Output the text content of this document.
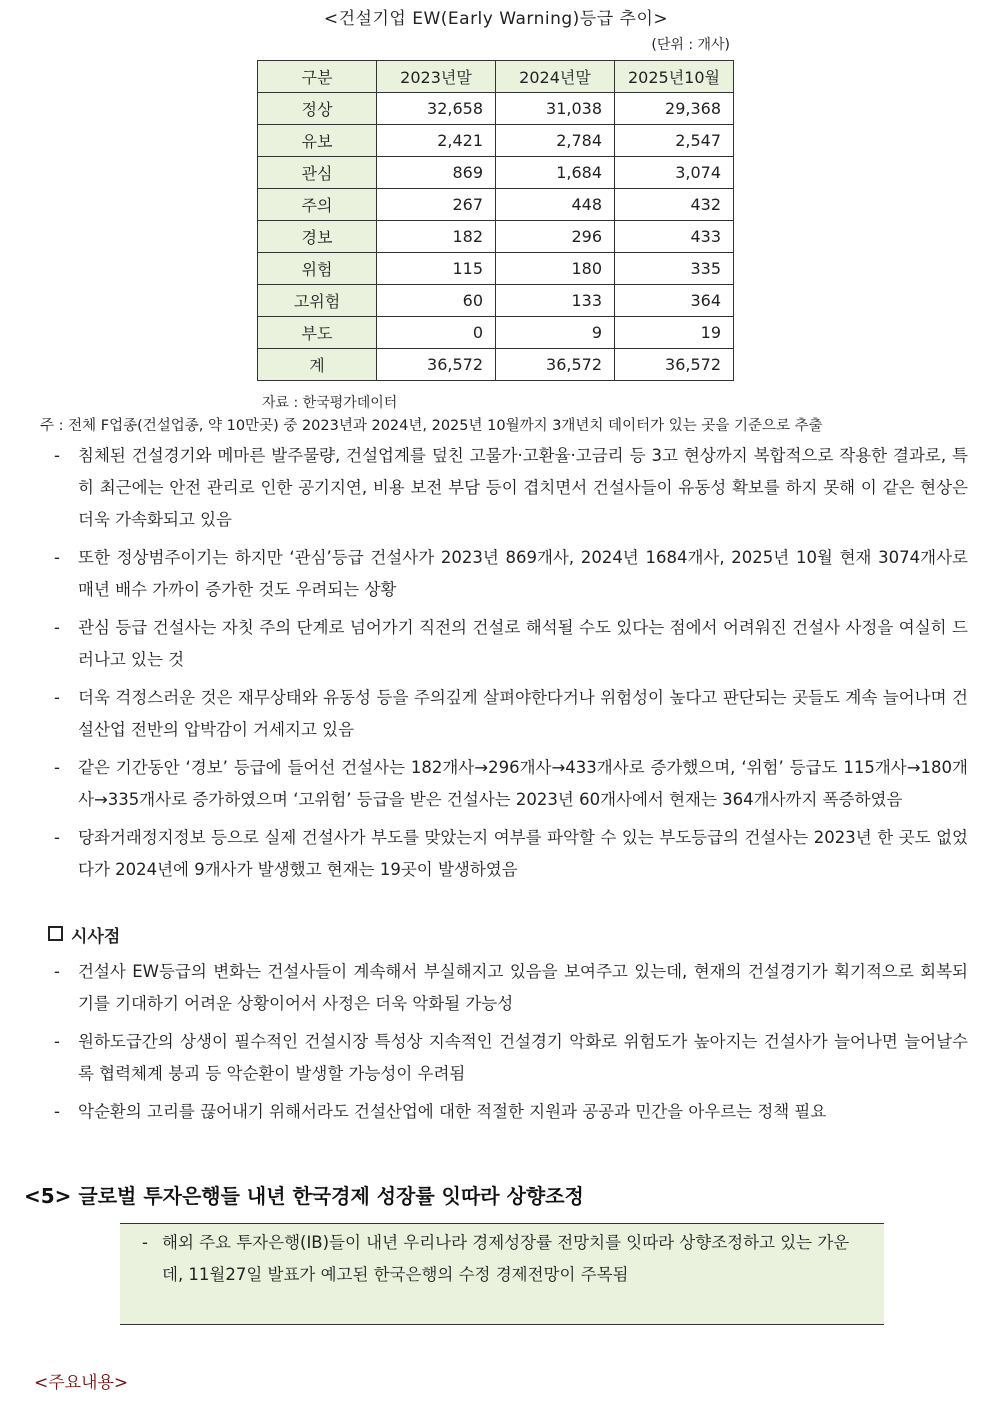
<건설기업 EW(Early Warning)등급 추이>
(단위 : 개사)
구분	2023년말	2024년말	2025년10월
정상	32,658	31,038	29,368
유보	2,421	2,784	2,547
관심	869	1,684	3,074
주의	267	448	432
경보	182	296	433
위험	115	180	335
고위험	60	133	364
부도	0	9	19
계	36,572	36,572	36,572
자료 : 한국평가데이터
주 : 전체 F업종(건설업종, 약 10만곳) 중 2023년과 2024년, 2025년 10월까지 3개년치 데이터가 있는 곳을 기준으로 추출
- 침체된 건설경기와 메마른 발주물량, 건설업계를 덮친 고물가·고환율·고금리 등 3고 현상까지 복합적으로 작용한 결과로, 특히 최근에는 안전 관리로 인한 공기지연, 비용 보전 부담 등이 겹치면서 건설사들이 유동성 확보를 하지 못해 이 같은 현상은 더욱 가속화되고 있음
- 또한 정상범주이기는 하지만 ‘관심’등급 건설사가 2023년 869개사, 2024년 1684개사, 2025년 10월 현재 3074개사로 매년 배수 가까이 증가한 것도 우려되는 상황
- 관심 등급 건설사는 자칫 주의 단계로 넘어가기 직전의 건설로 해석될 수도 있다는 점에서 어려워진 건설사 사정을 여실히 드러나고 있는 것
- 더욱 걱정스러운 것은 재무상태와 유동성 등을 주의깊게 살펴야한다거나 위험성이 높다고 판단되는 곳들도 계속 늘어나며 건설산업 전반의 압박감이 거세지고 있음
- 같은 기간동안 ‘경보’ 등급에 들어선 건설사는 182개사→296개사→433개사로 증가했으며, ‘위험’ 등급도 115개사→180개사→335개사로 증가하였으며 ‘고위험’ 등급을 받은 건설사는 2023년 60개사에서 현재는 364개사까지 폭증하였음
- 당좌거래정지정보 등으로 실제 건설사가 부도를 맞았는지 여부를 파악할 수 있는 부도등급의 건설사는 2023년 한 곳도 없었다가 2024년에 9개사가 발생했고 현재는 19곳이 발생하였음
시사점
- 건설사 EW등급의 변화는 건설사들이 계속해서 부실해지고 있음을 보여주고 있는데, 현재의 건설경기가 획기적으로 회복되기를 기대하기 어려운 상황이어서 사정은 더욱 악화될 가능성
- 원하도급간의 상생이 필수적인 건설시장 특성상 지속적인 건설경기 악화로 위험도가 높아지는 건설사가 늘어나면 늘어날수록 협력체계 붕괴 등 악순환이 발생할 가능성이 우려됨
- 악순환의 고리를 끊어내기 위해서라도 건설산업에 대한 적절한 지원과 공공과 민간을 아우르는 정책 필요
<5> 글로벌 투자은행들 내년 한국경제 성장률 잇따라 상향조정
- 해외 주요 투자은행(IB)들이 내년 우리나라 경제성장률 전망치를 잇따라 상향조정하고 있는 가운데, 11월27일 발표가 예고된 한국은행의 수정 경제전망이 주목됨
<주요내용>
